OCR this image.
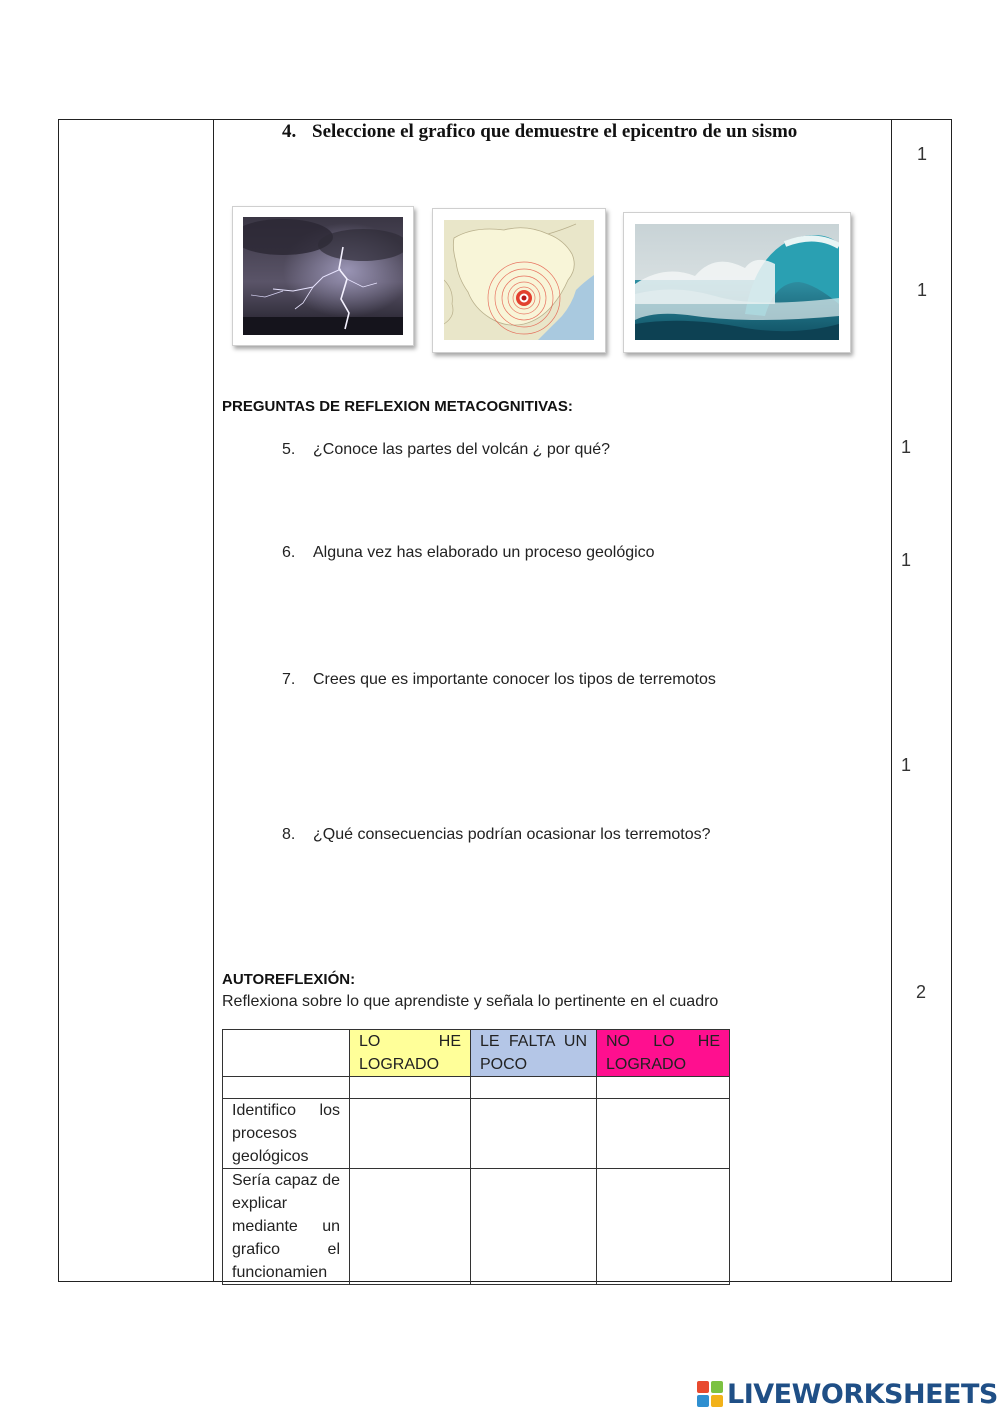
4. Seleccione el grafico que demuestre el epicentro de un sismo
1
1
1
1
1
2
PREGUNTAS DE REFLEXION METACOGNITIVAS:
5. ¿Conoce las partes del volcán ¿ por qué?
6. Alguna vez has elaborado un proceso geológico
7. Crees que es importante conocer los tipos de terremotos
8. ¿Qué consecuencias podrían ocasionar los terremotos?
AUTOREFLEXIÓN:
Reflexiona sobre lo que aprendiste y señala lo pertinente en el cuadro
	LO HE LOGRADO	LE FALTA UN POCO	NO LO HE LOGRADO

Identifico los procesos geológicos			
Sería capaz de explicar mediante un grafico el funcionamien			
LIVEWORKSHEETS
